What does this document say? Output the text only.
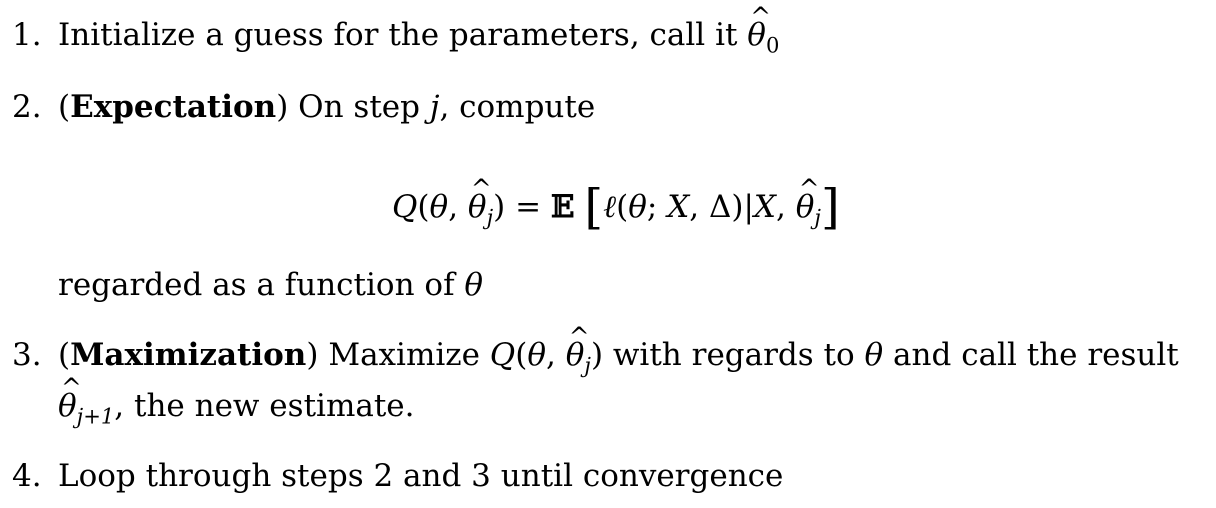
1. Initialize a guess for the parameters, call it ^ $\theta_0$
2. (Expectation) On step j, compute
Q(θ, ^ $\theta_j$) = 𝔼 [ℓ(θ; X, Δ)|X, ^ $\theta_j$]
regarded as a function of θ
3. (Maximization) Maximize Q(θ, ^ $\theta_j$) with regards to θ and call the result
^ $\theta_{j+1}$, the new estimate.
4. Loop through steps 2 and 3 until convergence
